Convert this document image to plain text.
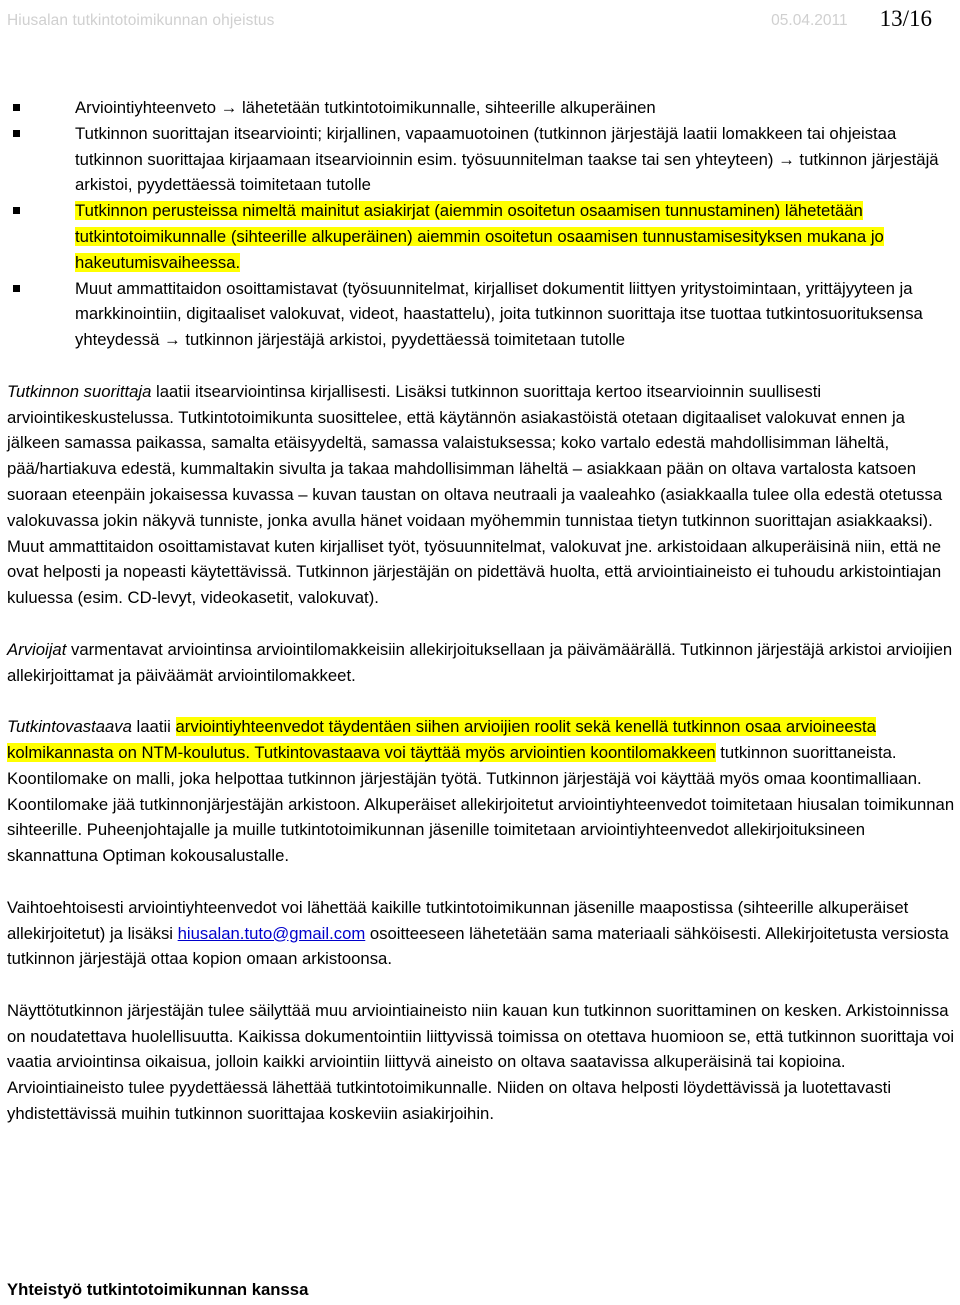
Hiusalan tutkintotoimikunnan ohjeistus	05.04.2011 13/16
Arviointiyhteenveto → lähetetään tutkintotoimikunnalle, sihteerille alkuperäinen
Tutkinnon suorittajan itsearviointi; kirjallinen, vapaamuotoinen (tutkinnon järjestäjä laatii lomakkeen tai ohjeistaa tutkinnon suorittajaa kirjaamaan itsearvioinnin esim. työsuunnitelman taakse tai sen yhteyteen) → tutkinnon järjestäjä arkistoi, pyydettäessä toimitetaan tutolle
Tutkinnon perusteissa nimeltä mainitut asiakirjat (aiemmin osoitetun osaamisen tunnustaminen) lähetetään tutkintotoimikunnalle (sihteerille alkuperäinen) aiemmin osoitetun osaamisen tunnustamisesityksen mukana jo hakeutumisvaiheessa.
Muut ammattitaidon osoittamistavat (työsuunnitelmat, kirjalliset dokumentit liittyen yritystoimintaan, yrittäjyyteen ja markkinointiin, digitaaliset valokuvat, videot, haastattelu), joita tutkinnon suorittaja itse tuottaa tutkintosuorituksensa yhteydessä → tutkinnon järjestäjä arkistoi, pyydettäessä toimitetaan tutolle

Tutkinnon suorittaja laatii itsearviointinsa kirjallisesti. Lisäksi tutkinnon suorittaja kertoo itsearvioinnin suullisesti arviointikeskustelussa. Tutkintotoimikunta suosittelee, että käytännön asiakastöistä otetaan digitaaliset valokuvat ennen ja jälkeen samassa paikassa, samalta etäisyydeltä, samassa valaistuksessa; koko vartalo edestä mahdollisimman läheltä, pää/hartiakuva edestä, kummaltakin sivulta ja takaa mahdollisimman läheltä – asiakkaan pään on oltava vartalosta katsoen suoraan eteenpäin jokaisessa kuvassa – kuvan taustan on oltava neutraali ja vaaleahko (asiakkaalla tulee olla edestä otetussa valokuvassa jokin näkyvä tunniste, jonka avulla hänet voidaan myöhemmin tunnistaa tietyn tutkinnon suorittajan asiakkaaksi). Muut ammattitaidon osoittamistavat kuten kirjalliset työt, työsuunnitelmat, valokuvat jne. arkistoidaan alkuperäisinä niin, että ne ovat helposti ja nopeasti käytettävissä. Tutkinnon järjestäjän on pidettävä huolta, että arviointiaineisto ei tuhoudu arkistointiajan kuluessa (esim. CD-levyt, videokasetit, valokuvat).

Arvioijat varmentavat arviointinsa arviointilomakkeisiin allekirjoituksellaan ja päivämäärällä. Tutkinnon järjestäjä arkistoi arvioijien allekirjoittamat ja päiväämät arviointilomakkeet.

Tutkintovastaava laatii arviointiyhteenvedot täydentäen siihen arvioijien roolit sekä kenellä tutkinnon osaa arvioineesta kolmikannasta on NTM-koulutus. Tutkintovastaava voi täyttää myös arviointien koontilomakkeen tutkinnon suorittaneista. Koontilomake on malli, joka helpottaa tutkinnon järjestäjän työtä. Tutkinnon järjestäjä voi käyttää myös omaa koontimalliaan. Koontilomake jää tutkinnonjärjestäjän arkistoon. Alkuperäiset allekirjoitetut arviointiyhteenvedot toimitetaan hiusalan toimikunnan sihteerille. Puheenjohtajalle ja muille tutkintotoimikunnan jäsenille toimitetaan arviointiyhteenvedot allekirjoituksineen skannattuna Optiman kokousalustalle.

Vaihtoehtoisesti arviointiyhteenvedot voi lähettää kaikille tutkintotoimikunnan jäsenille maapostissa (sihteerille alkuperäiset allekirjoitetut) ja lisäksi hiusalan.tuto@gmail.com osoitteeseen lähetetään sama materiaali sähköisesti. Allekirjoitetusta versiosta tutkinnon järjestäjä ottaa kopion omaan arkistoonsa.

Näyttötutkinnon järjestäjän tulee säilyttää muu arviointiaineisto niin kauan kun tutkinnon suorittaminen on kesken. Arkistoinnissa on noudatettava huolellisuutta. Kaikissa dokumentointiin liittyvissä toimissa on otettava huomioon se, että tutkinnon suorittaja voi vaatia arviointinsa oikaisua, jolloin kaikki arviointiin liittyvä aineisto on oltava saatavissa alkuperäisinä tai kopioina. Arviointiaineisto tulee pyydettäessä lähettää tutkintotoimikunnalle. Niiden on oltava helposti löydettävissä ja luotettavasti yhdistettävissä muihin tutkinnon suorittajaa koskeviin asiakirjoihin.

Yhteistyö tutkintotoimikunnan kanssa
